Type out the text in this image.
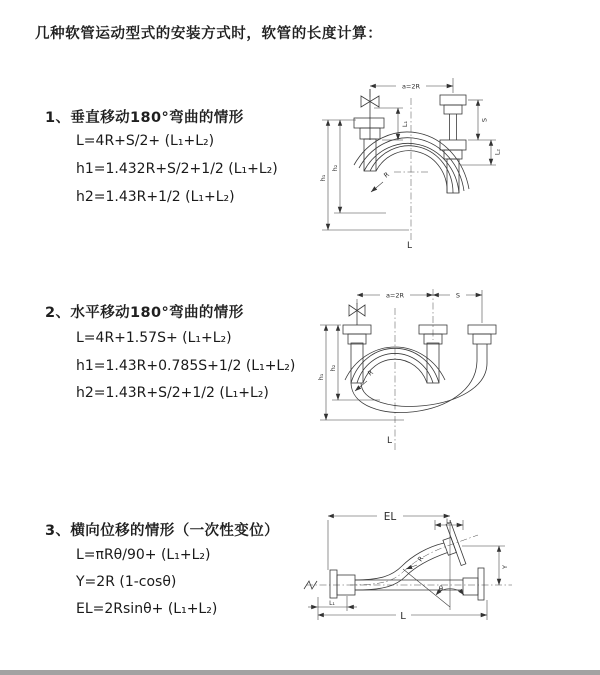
几种软管运动型式的安装方式时，软管的长度计算：
1、垂直移动180°弯曲的情形
L=4R+S/2+ (L₁+L₂)
h1=1.432R+S/2+1/2 (L₁+L₂)
h2=1.43R+1/2 (L₁+L₂)
2、水平移动180°弯曲的情形
L=4R+1.57S+ (L₁+L₂)
h1=1.43R+0.785S+1/2 (L₁+L₂)
h2=1.43R+S/2+1/2 (L₁+L₂)
3、横向位移的情形（一次性变位）
L=πRθ/90+ (L₁+L₂)
Y=2R (1-cosθ)
EL=2Rsinθ+ (L₁+L₂)
a=2R
L₁
S
L₂
R
L
h₁
h₂
a=2R	S
h₁
h₂
R
L
EL	L₁
R
θ
Y
L
L₁
